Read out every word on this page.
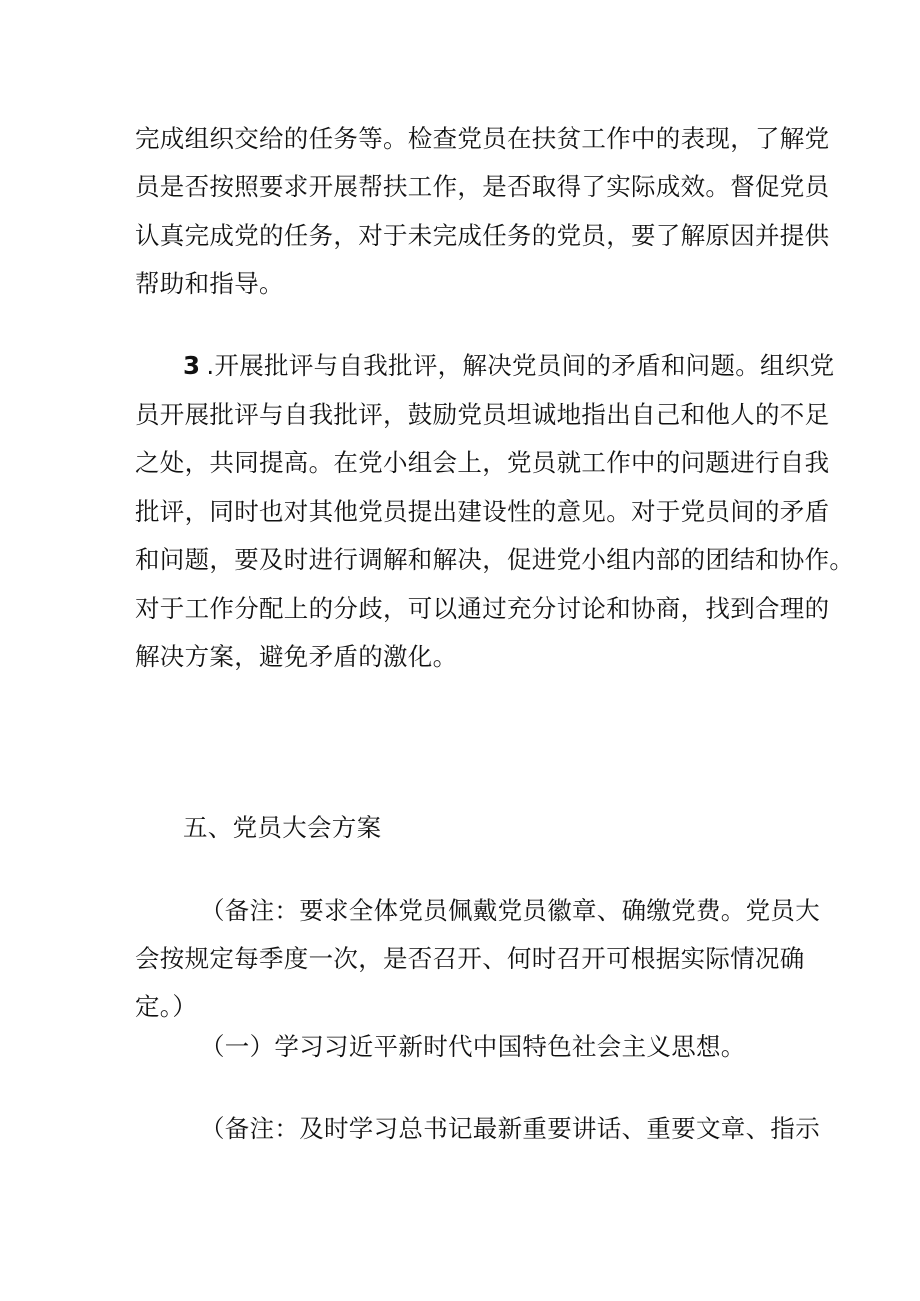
完成组织交给的任务等。检查党员在扶贫工作中的表现，了解党
员是否按照要求开展帮扶工作，是否取得了实际成效。督促党员
认真完成党的任务，对于未完成任务的党员，要了解原因并提供
帮助和指导。
3 .开展批评与自我批评，解决党员间的矛盾和问题。组织党
员开展批评与自我批评，鼓励党员坦诚地指出自己和他人的不足
之处，共同提高。在党小组会上，党员就工作中的问题进行自我
批评，同时也对其他党员提出建设性的意见。对于党员间的矛盾
和问题，要及时进行调解和解决，促进党小组内部的团结和协作。
对于工作分配上的分歧，可以通过充分讨论和协商，找到合理的
解决方案，避免矛盾的激化。
五、党员大会方案
（备注：要求全体党员佩戴党员徽章、确缴党费。党员大
会按规定每季度一次，是否召开、何时召开可根据实际情况确
定。）
（一）学习习近平新时代中国特色社会主义思想。
（备注：及时学习总书记最新重要讲话、重要文章、指示
